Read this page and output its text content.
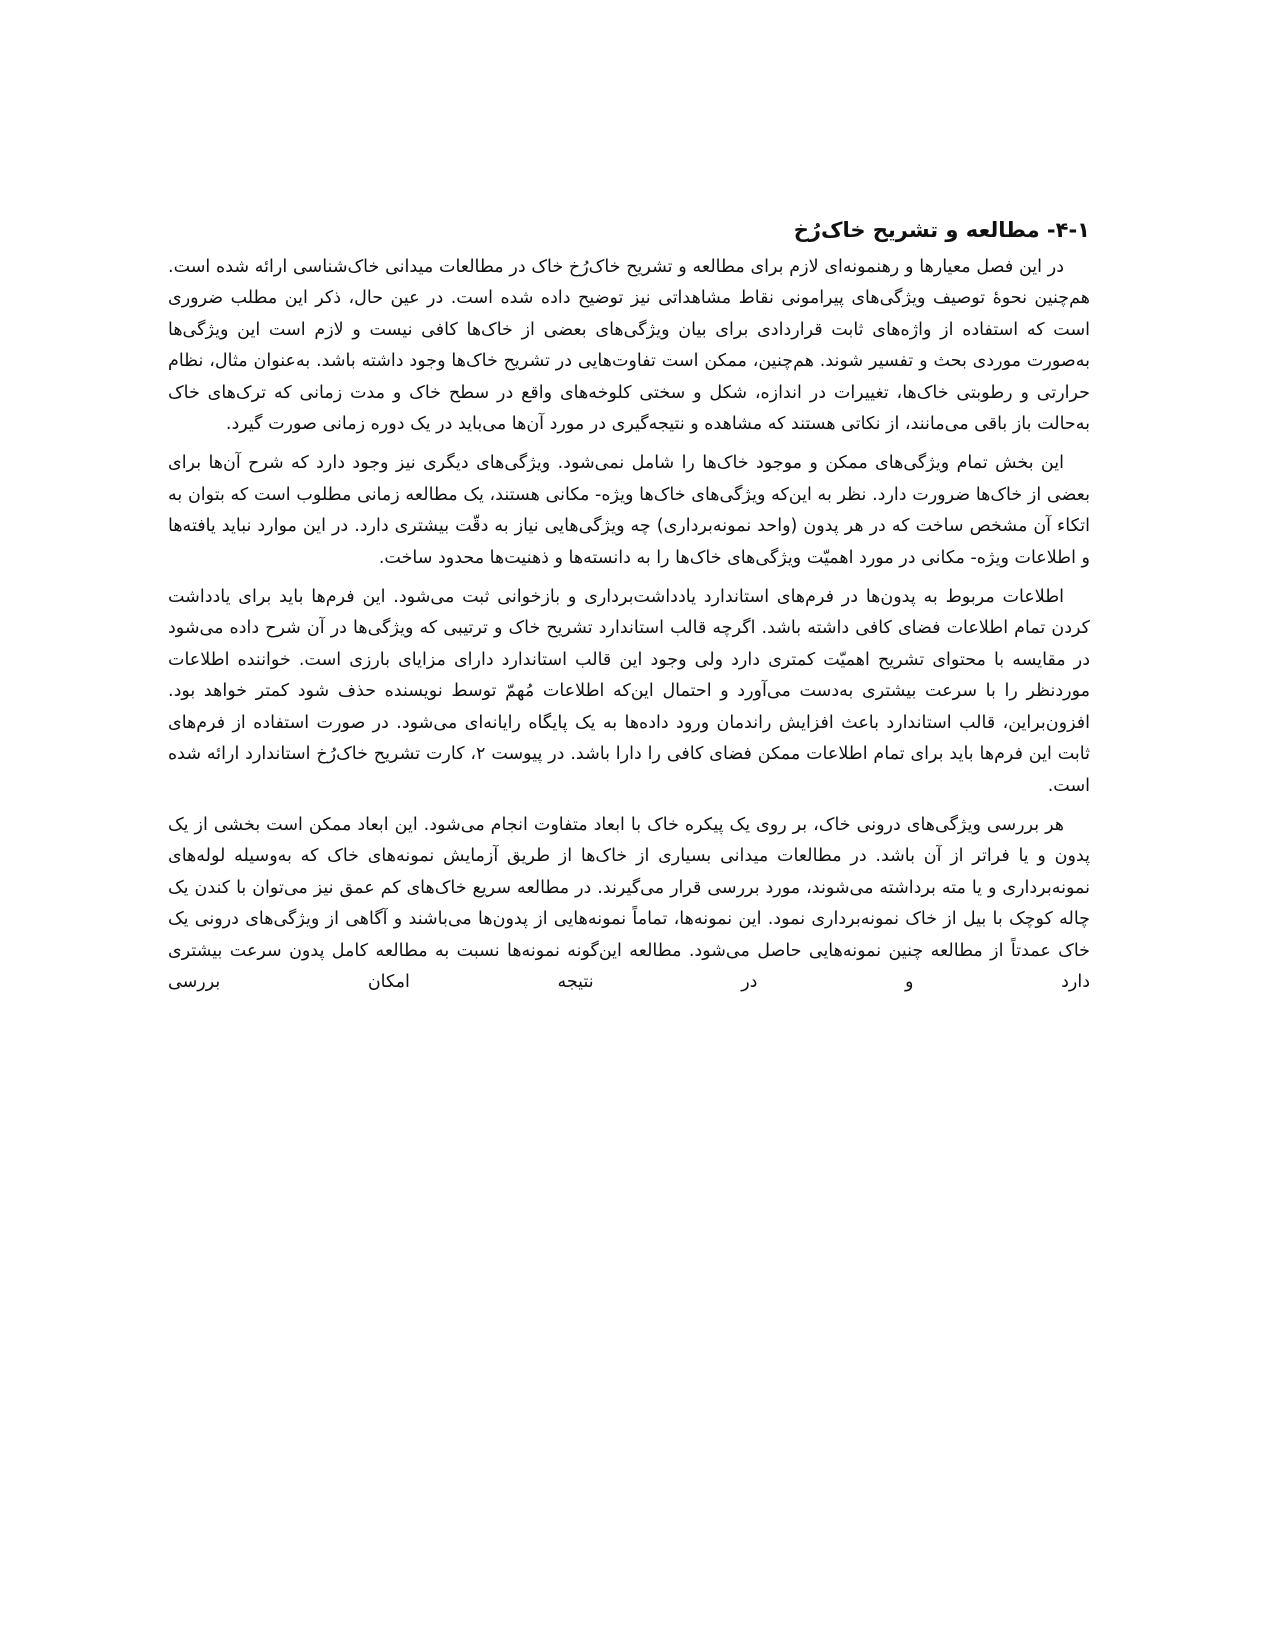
۴-۱- مطالعه و تشریح خاک‌رُخ

در این فصل معیارها و رهنمونه‌ای لازم برای مطالعه و تشریح خاک‌رُخ خاک در مطالعات میدانی خاک‌شناسی ارائه شده است. هم‌چنین نحوهٔ توصیف ویژگی‌های پیرامونی نقاط مشاهداتی نیز توضیح داده شده است. در عین حال، ذکر این مطلب ضروری است که استفاده از واژه‌های ثابت قراردادی برای بیان ویژگی‌های بعضی از خاک‌ها کافی نیست و لازم است این ویژگی‌ها به‌صورت موردی بحث و تفسیر شوند. هم‌چنین، ممکن است تفاوت‌هایی در تشریح خاک‌ها وجود داشته باشد. به‌عنوان مثال، نظام حرارتی و رطوبتی خاک‌ها، تغییرات در اندازه، شکل و سختی کلوخه‌های واقع در سطح خاک و مدت زمانی که ترک‌های خاک به‌حالت باز باقی می‌مانند، از نکاتی هستند که مشاهده و نتیجه‌گیری در مورد آن‌ها می‌باید در یک دوره زمانی صورت گیرد.

این بخش تمام ویژگی‌های ممکن و موجود خاک‌ها را شامل نمی‌شود. ویژگی‌های دیگری نیز وجود دارد که شرح آن‌ها برای بعضی از خاک‌ها ضرورت دارد. نظر به این‌که ویژگی‌های خاک‌ها ویژه- مکانی هستند، یک مطالعه زمانی مطلوب است که بتوان به اتکاء آن مشخص ساخت که در هر پدون (واحد نمونه‌برداری) چه ویژگی‌هایی نیاز به دقّت بیشتری دارد. در این موارد نباید یافته‌ها و اطلاعات ویژه- مکانی در مورد اهمیّت ویژگی‌های خاک‌ها را به دانسته‌ها و ذهنیت‌ها محدود ساخت.

اطلاعات مربوط به پدون‌ها در فرم‌های استاندارد یادداشت‌برداری و بازخوانی ثبت می‌شود. این فرم‌ها باید برای یادداشت کردن تمام اطلاعات فضای کافی داشته باشد. اگرچه قالب استاندارد تشریح خاک و ترتیبی که ویژگی‌ها در آن شرح داده می‌شود در مقایسه با محتوای تشریح اهمیّت کمتری دارد ولی وجود این قالب استاندارد دارای مزایای بارزی است. خواننده اطلاعات موردنظر را با سرعت بیشتری به‌دست می‌آورد و احتمال این‌که اطلاعات مُهمّ توسط نویسنده حذف شود کمتر خواهد بود. افزون‌براین، قالب استاندارد باعث افزایش راندمان ورود داده‌ها به یک پایگاه رایانه‌ای می‌شود. در صورت استفاده از فرم‌های ثابت این فرم‌ها باید برای تمام اطلاعات ممکن فضای کافی را دارا باشد. در پیوست ۲، کارت تشریح خاک‌رُخ استاندارد ارائه شده است.

هر بررسی ویژگی‌های درونی خاک، بر روی یک پیکره خاک با ابعاد متفاوت انجام می‌شود. این ابعاد ممکن است بخشی از یک پدون و یا فراتر از آن باشد. در مطالعات میدانی بسیاری از خاک‌ها از طریق آزمایش نمونه‌های خاک که به‌وسیله لوله‌های نمونه‌برداری و یا مته برداشته می‌شوند، مورد بررسی قرار می‌گیرند. در مطالعه سریع خاک‌های کم عمق نیز می‌توان با کندن یک چاله کوچک با بیل از خاک نمونه‌برداری نمود. این نمونه‌ها، تماماً نمونه‌هایی از پدون‌ها می‌باشند و آگاهی از ویژگی‌های درونی یک خاک عمدتاً از مطالعه چنین نمونه‌هایی حاصل می‌شود. مطالعه این‌گونه نمونه‌ها نسبت به مطالعه کامل پدون سرعت بیشتری دارد و در نتیجه امکان بررسی
